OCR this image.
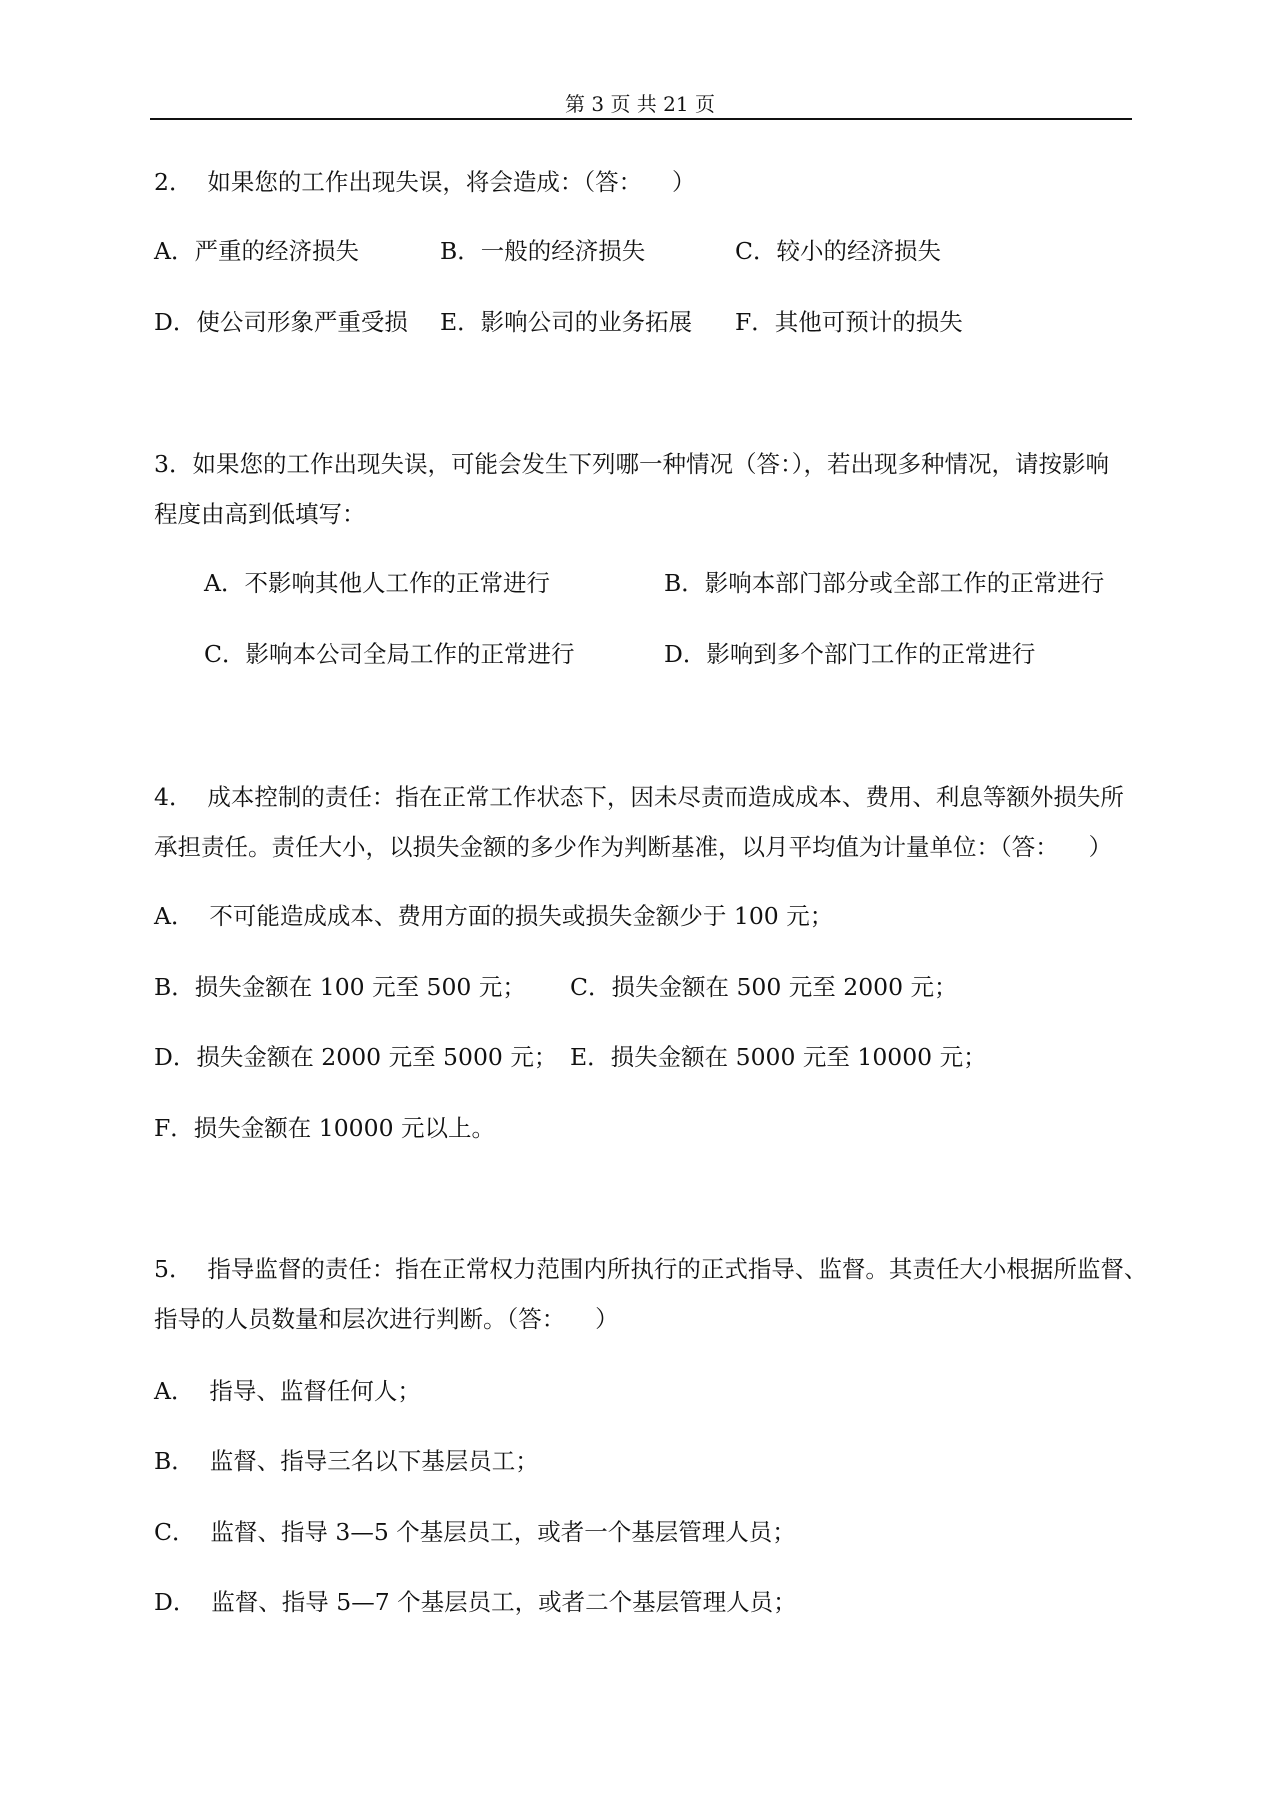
第 3 页 共 21 页
2．  如果您的工作出现失误，将会造成：（答：    ）
A．严重的经济损失	B．一般的经济损失	C．较小的经济损失
D．使公司形象严重受损 E．影响公司的业务拓展 F．其他可预计的损失
3．如果您的工作出现失误，可能会发生下列哪一种情况（答：），若出现多种情况，请按影响
程度由高到低填写：
A．不影响其他人工作的正常进行	B．影响本部门部分或全部工作的正常进行
C．影响本公司全局工作的正常进行	D．影响到多个部门工作的正常进行
4．  成本控制的责任：指在正常工作状态下，因未尽责而造成成本、费用、利息等额外损失所
承担责任。责任大小，以损失金额的多少作为判断基准，以月平均值为计量单位：（答：    ）
A．  不可能造成成本、费用方面的损失或损失金额少于 100 元；
B．损失金额在 100 元至 500 元； C．损失金额在 500 元至 2000 元；
D．损失金额在 2000 元至 5000 元； E．损失金额在 5000 元至 10000 元；
F．损失金额在 10000 元以上。
5．  指导监督的责任：指在正常权力范围内所执行的正式指导、监督。其责任大小根据所监督、
指导的人员数量和层次进行判断。（答：    ）
A．  指导、监督任何人；
B．  监督、指导三名以下基层员工；
C．  监督、指导 3—5 个基层员工，或者一个基层管理人员；
D．  监督、指导 5—7 个基层员工，或者二个基层管理人员；
